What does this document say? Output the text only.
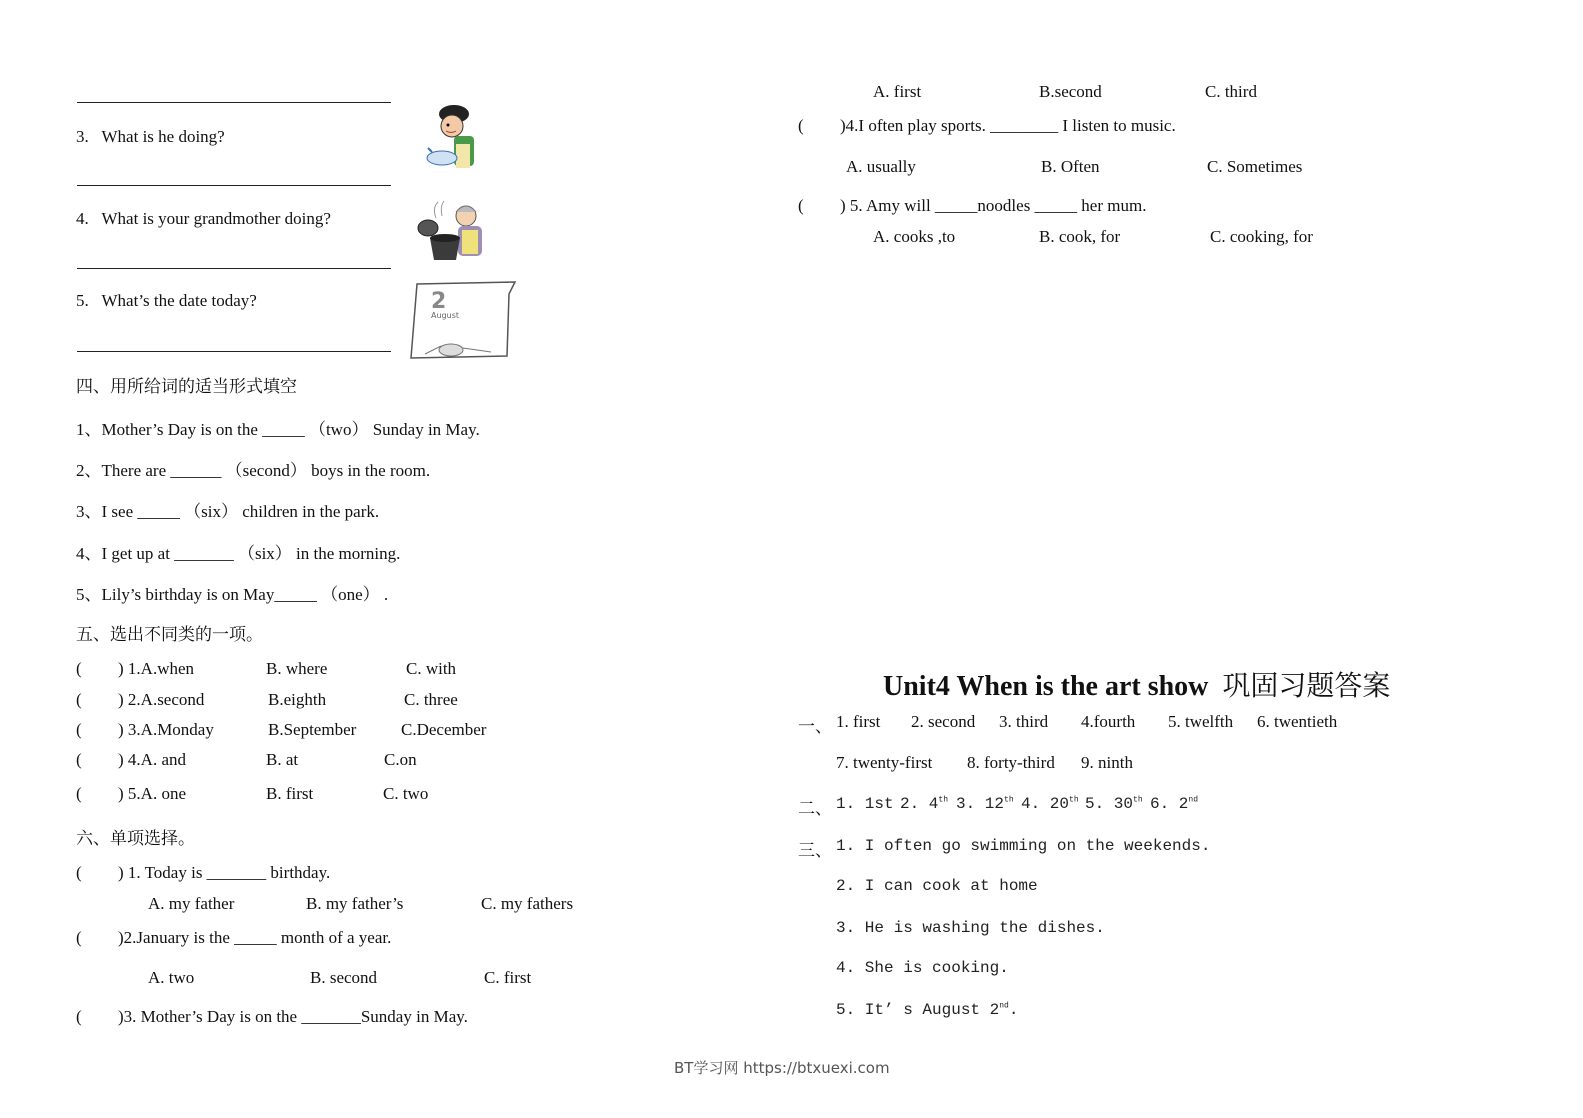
3. What is he doing?
4. What is your grandmother doing?
5. What’s the date today?	2
August
四、用所给词的适当形式填空
1、Mother’s Day is on the _____ （two） Sunday in May.
2、There are ______ （second） boys in the room.
3、I see _____ （six） children in the park.
4、I get up at _______ （six） in the morning.
5、Lily’s birthday is on May_____ （one） .
五、选出不同类的一项。
( ) 1.A.when	B. where	C. with
( ) 2.A.second	B.eighth	C. three
( ) 3.A.Monday	B.September	C.December
( ) 4.A. and	B. at	C.on
( ) 5.A. one	B. first	C. two
六、单项选择。
( ) 1. Today is _______ birthday.
A. my father	B. my father’s	C. my fathers
( )2.January is the _____ month of a year.
A. two	B. second	C. first
( )3. Mother’s Day is on the _______Sunday in May.
A. first	B.second	C. third
( )4.I often play sports. ________ I listen to music.
A. usually	B. Often	C. Sometimes
( ) 5. Amy will _____noodles _____ her mum.
A. cooks ,to	B. cook, for	C. cooking, for
Unit4 When is the art show 巩固习题答案
一、 1. first 2. second 3. third 4.fourth 5. twelfth 6. twentieth
7. twenty-first 8. forty-third 9. ninth
二、 1. 1st 2. 4th 3. 12th 4. 20th 5. 30th 6. 2nd
三、 1. I often go swimming on the weekends.
2. I can cook at home
3. He is washing the dishes.
4. She is cooking.
5. It’ s August 2nd.
BT学习网 https://btxuexi.com
